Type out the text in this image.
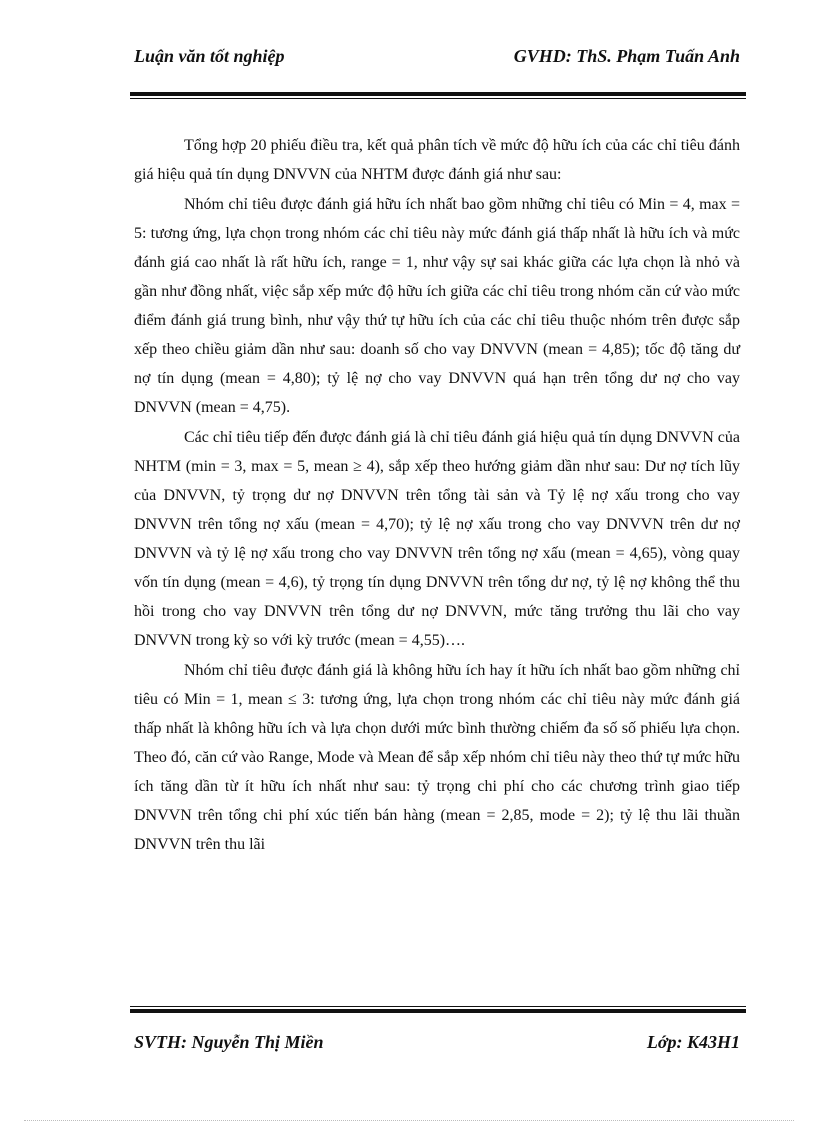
Luận văn tốt nghiệp	GVHD: ThS. Phạm Tuấn Anh

Tổng hợp 20 phiếu điều tra, kết quả phân tích về mức độ hữu ích của các chỉ tiêu đánh giá hiệu quả tín dụng DNVVN của NHTM được đánh giá như sau:

Nhóm chỉ tiêu được đánh giá hữu ích nhất bao gồm những chỉ tiêu có Min = 4, max = 5: tương ứng, lựa chọn trong nhóm các chỉ tiêu này mức đánh giá thấp nhất là hữu ích và mức đánh giá cao nhất là rất hữu ích, range = 1, như vậy sự sai khác giữa các lựa chọn là nhỏ và gần như đồng nhất, việc sắp xếp mức độ hữu ích giữa các chỉ tiêu trong nhóm căn cứ vào mức điểm đánh giá trung bình, như vậy thứ tự hữu ích của các chỉ tiêu thuộc nhóm trên được sắp xếp theo chiều giảm dần như sau: doanh số cho vay DNVVN (mean = 4,85); tốc độ tăng dư nợ tín dụng (mean = 4,80); tỷ lệ nợ cho vay DNVVN quá hạn trên tổng dư nợ cho vay DNVVN (mean = 4,75).

Các chỉ tiêu tiếp đến được đánh giá là chỉ tiêu đánh giá hiệu quả tín dụng DNVVN của NHTM (min = 3, max = 5, mean ≥ 4), sắp xếp theo hướng giảm dần như sau: Dư nợ tích lũy của DNVVN, tỷ trọng dư nợ DNVVN trên tổng tài sản và Tỷ lệ nợ xấu trong cho vay DNVVN trên tổng nợ xấu (mean = 4,70); tỷ lệ nợ xấu trong cho vay DNVVN trên dư nợ DNVVN và tỷ lệ nợ xấu trong cho vay DNVVN trên tổng nợ xấu (mean = 4,65), vòng quay vốn tín dụng (mean = 4,6), tỷ trọng tín dụng DNVVN trên tổng dư nợ, tỷ lệ nợ không thể thu hồi trong cho vay DNVVN trên tổng dư nợ DNVVN, mức tăng trưởng thu lãi cho vay DNVVN trong kỳ so với kỳ trước (mean = 4,55)….

Nhóm chỉ tiêu được đánh giá là không hữu ích hay ít hữu ích nhất bao gồm những chỉ tiêu có Min = 1, mean ≤ 3: tương ứng, lựa chọn trong nhóm các chỉ tiêu này mức đánh giá thấp nhất là không hữu ích và lựa chọn dưới mức bình thường chiếm đa số số phiếu lựa chọn. Theo đó, căn cứ vào Range, Mode và Mean để sắp xếp nhóm chỉ tiêu này theo thứ tự mức hữu ích tăng dần từ ít hữu ích nhất như sau: tỷ trọng chi phí cho các chương trình giao tiếp DNVVN trên tổng chi phí xúc tiến bán hàng (mean = 2,85, mode = 2); tỷ lệ thu lãi thuần DNVVN trên thu lãi

SVTH: Nguyễn Thị Miền	Lớp: K43H1
